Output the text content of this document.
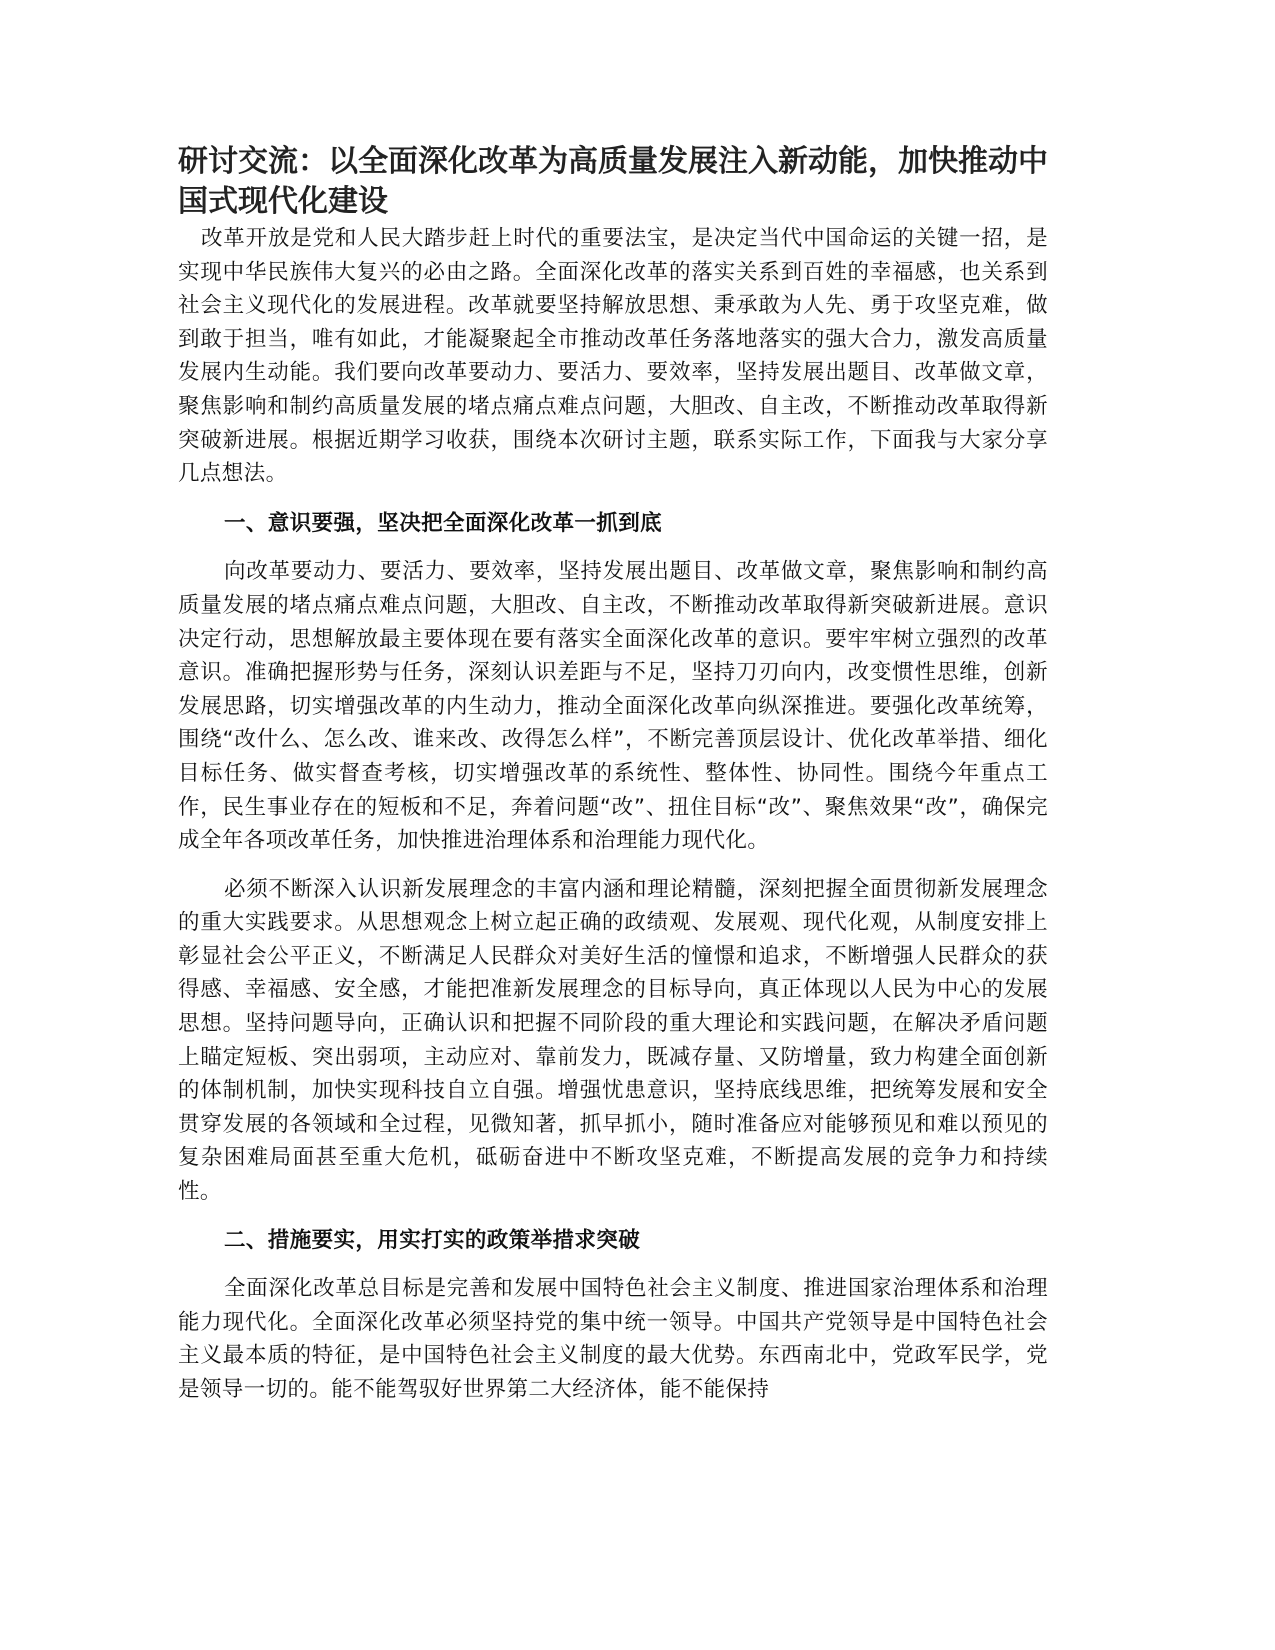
研讨交流：以全面深化改革为高质量发展注入新动能，加快推动中国式现代化建设

改革开放是党和人民大踏步赶上时代的重要法宝，是决定当代中国命运的关键一招，是实现中华民族伟大复兴的必由之路。全面深化改革的落实关系到百姓的幸福感，也关系到社会主义现代化的发展进程。改革就要坚持解放思想、秉承敢为人先、勇于攻坚克难，做到敢于担当，唯有如此，才能凝聚起全市推动改革任务落地落实的强大合力，激发高质量发展内生动能。我们要向改革要动力、要活力、要效率，坚持发展出题目、改革做文章，聚焦影响和制约高质量发展的堵点痛点难点问题，大胆改、自主改，不断推动改革取得新突破新进展。根据近期学习收获，围绕本次研讨主题，联系实际工作，下面我与大家分享几点想法。

一、意识要强，坚决把全面深化改革一抓到底

向改革要动力、要活力、要效率，坚持发展出题目、改革做文章，聚焦影响和制约高质量发展的堵点痛点难点问题，大胆改、自主改，不断推动改革取得新突破新进展。意识决定行动，思想解放最主要体现在要有落实全面深化改革的意识。要牢牢树立强烈的改革意识。准确把握形势与任务，深刻认识差距与不足，坚持刀刃向内，改变惯性思维，创新发展思路，切实增强改革的内生动力，推动全面深化改革向纵深推进。要强化改革统筹，围绕“改什么、怎么改、谁来改、改得怎么样”，不断完善顶层设计、优化改革举措、细化目标任务、做实督查考核，切实增强改革的系统性、整体性、协同性。围绕今年重点工作，民生事业存在的短板和不足，奔着问题“改”、扭住目标“改”、聚焦效果“改”，确保完成全年各项改革任务，加快推进治理体系和治理能力现代化。

必须不断深入认识新发展理念的丰富内涵和理论精髓，深刻把握全面贯彻新发展理念的重大实践要求。从思想观念上树立起正确的政绩观、发展观、现代化观，从制度安排上彰显社会公平正义，不断满足人民群众对美好生活的憧憬和追求，不断增强人民群众的获得感、幸福感、安全感，才能把准新发展理念的目标导向，真正体现以人民为中心的发展思想。坚持问题导向，正确认识和把握不同阶段的重大理论和实践问题，在解决矛盾问题上瞄定短板、突出弱项，主动应对、靠前发力，既减存量、又防增量，致力构建全面创新的体制机制，加快实现科技自立自强。增强忧患意识，坚持底线思维，把统筹发展和安全贯穿发展的各领域和全过程，见微知著，抓早抓小，随时准备应对能够预见和难以预见的复杂困难局面甚至重大危机，砥砺奋进中不断攻坚克难，不断提高发展的竞争力和持续性。

二、措施要实，用实打实的政策举措求突破

全面深化改革总目标是完善和发展中国特色社会主义制度、推进国家治理体系和治理能力现代化。全面深化改革必须坚持党的集中统一领导。中国共产党领导是中国特色社会主义最本质的特征，是中国特色社会主义制度的最大优势。东西南北中，党政军民学，党是领导一切的。能不能驾驭好世界第二大经济体，能不能保持
